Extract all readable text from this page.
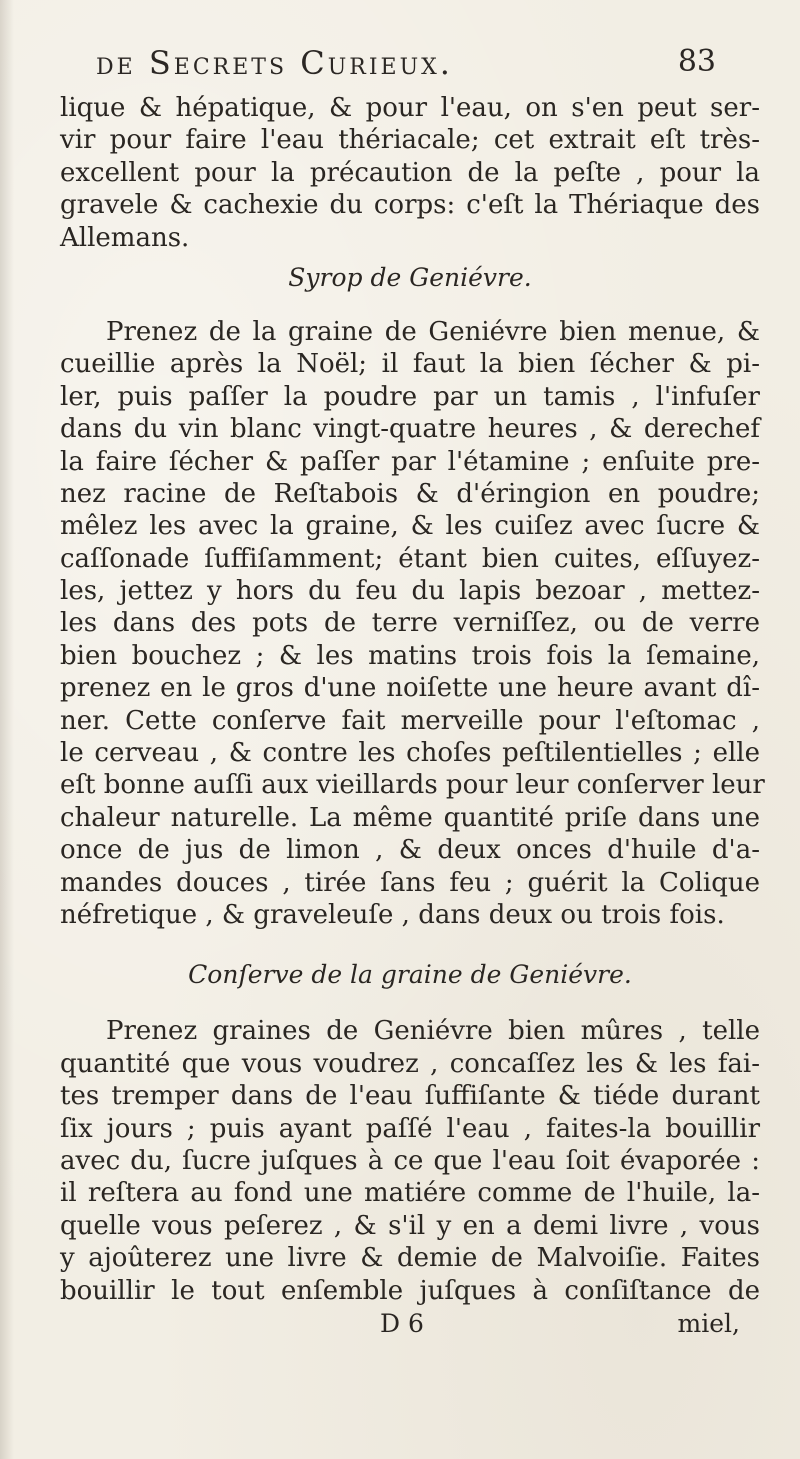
de Secrets Curieux.	83
lique & hépatique, & pour l'eau, on s'en peut ser-
vir pour faire l'eau thériacale; cet extrait eſt très-
excellent pour la précaution de la peſte , pour la
gravele & cachexie du corps: c'eſt la Thériaque des
Allemans.
Syrop de Geniévre.
Prenez de la graine de Geniévre bien menue, &
cueillie après la Noël; il faut la bien ſécher & pi-
ler, puis paſſer la poudre par un tamis , l'infuſer
dans du vin blanc vingt-quatre heures , & derechef
la faire ſécher & paſſer par l'étamine ; enſuite pre-
nez racine de Reſtabois & d'éringion en poudre;
mêlez les avec la graine, & les cuiſez avec ſucre &
caſſonade ſuffiſamment; étant bien cuites, eſſuyez-
les, jettez y hors du feu du lapis bezoar , mettez-
les dans des pots de terre verniſſez, ou de verre
bien bouchez ; & les matins trois fois la ſemaine,
prenez en le gros d'une noiſette une heure avant dî-
ner. Cette conſerve fait merveille pour l'eſtomac ,
le cerveau , & contre les choſes peſtilentielles ; elle
eſt bonne auſſi aux vieillards pour leur conſerver leur
chaleur naturelle. La même quantité priſe dans une
once de jus de limon , & deux onces d'huile d'a-
mandes douces , tirée ſans feu ; guérit la Colique
néfretique , & graveleuſe , dans deux ou trois fois.
Conſerve de la graine de Geniévre.
Prenez graines de Geniévre bien mûres , telle
quantité que vous voudrez , concaſſez les & les fai-
tes tremper dans de l'eau ſuffiſante & tiéde durant
ſix jours ; puis ayant paſſé l'eau , faites-la bouillir
avec du, ſucre juſques à ce que l'eau ſoit évaporée :
il reſtera au fond une matiére comme de l'huile, la-
quelle vous peſerez , & s'il y en a demi livre , vous
y ajoûterez une livre & demie de Malvoiſie. Faites
bouillir le tout enſemble juſques à conſiſtance de
D 6	miel,
